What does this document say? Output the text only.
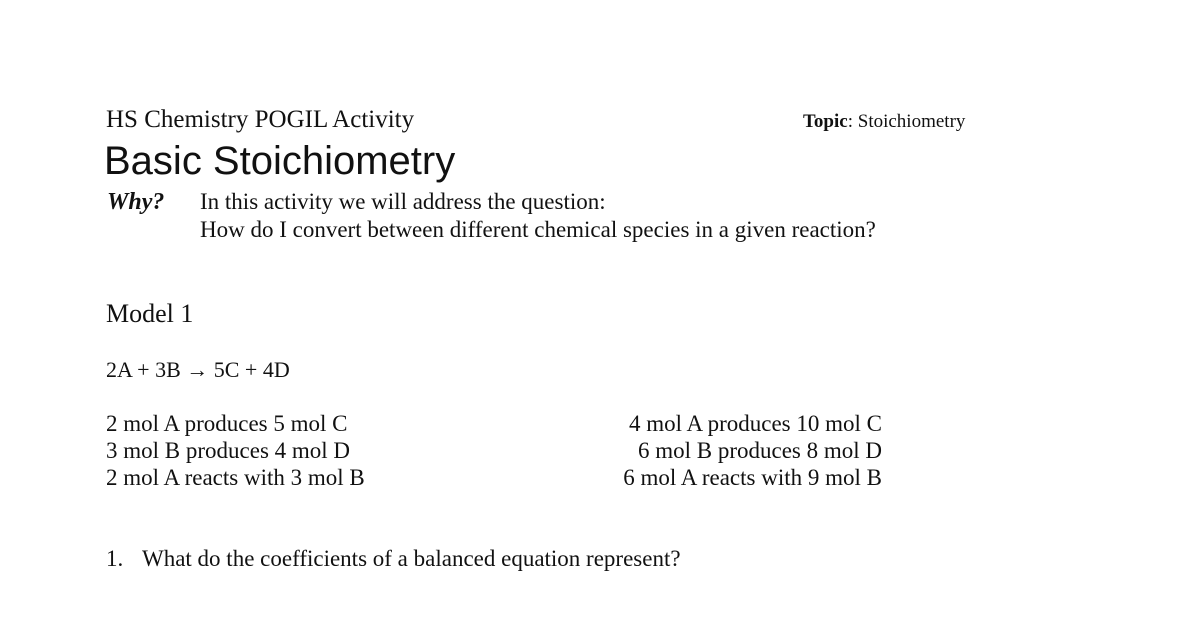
HS Chemistry POGIL Activity	Topic: Stoichiometry
Basic Stoichiometry
Why? In this activity we will address the question:
How do I convert between different chemical species in a given reaction?
Model 1
2A + 3B → 5C + 4D
2 mol A produces 5 mol C
3 mol B produces 4 mol D
2 mol A reacts with 3 mol B
4 mol A produces 10 mol C
6 mol B produces 8 mol D
6 mol A reacts with 9 mol B
1. What do the coefficients of a balanced equation represent?
